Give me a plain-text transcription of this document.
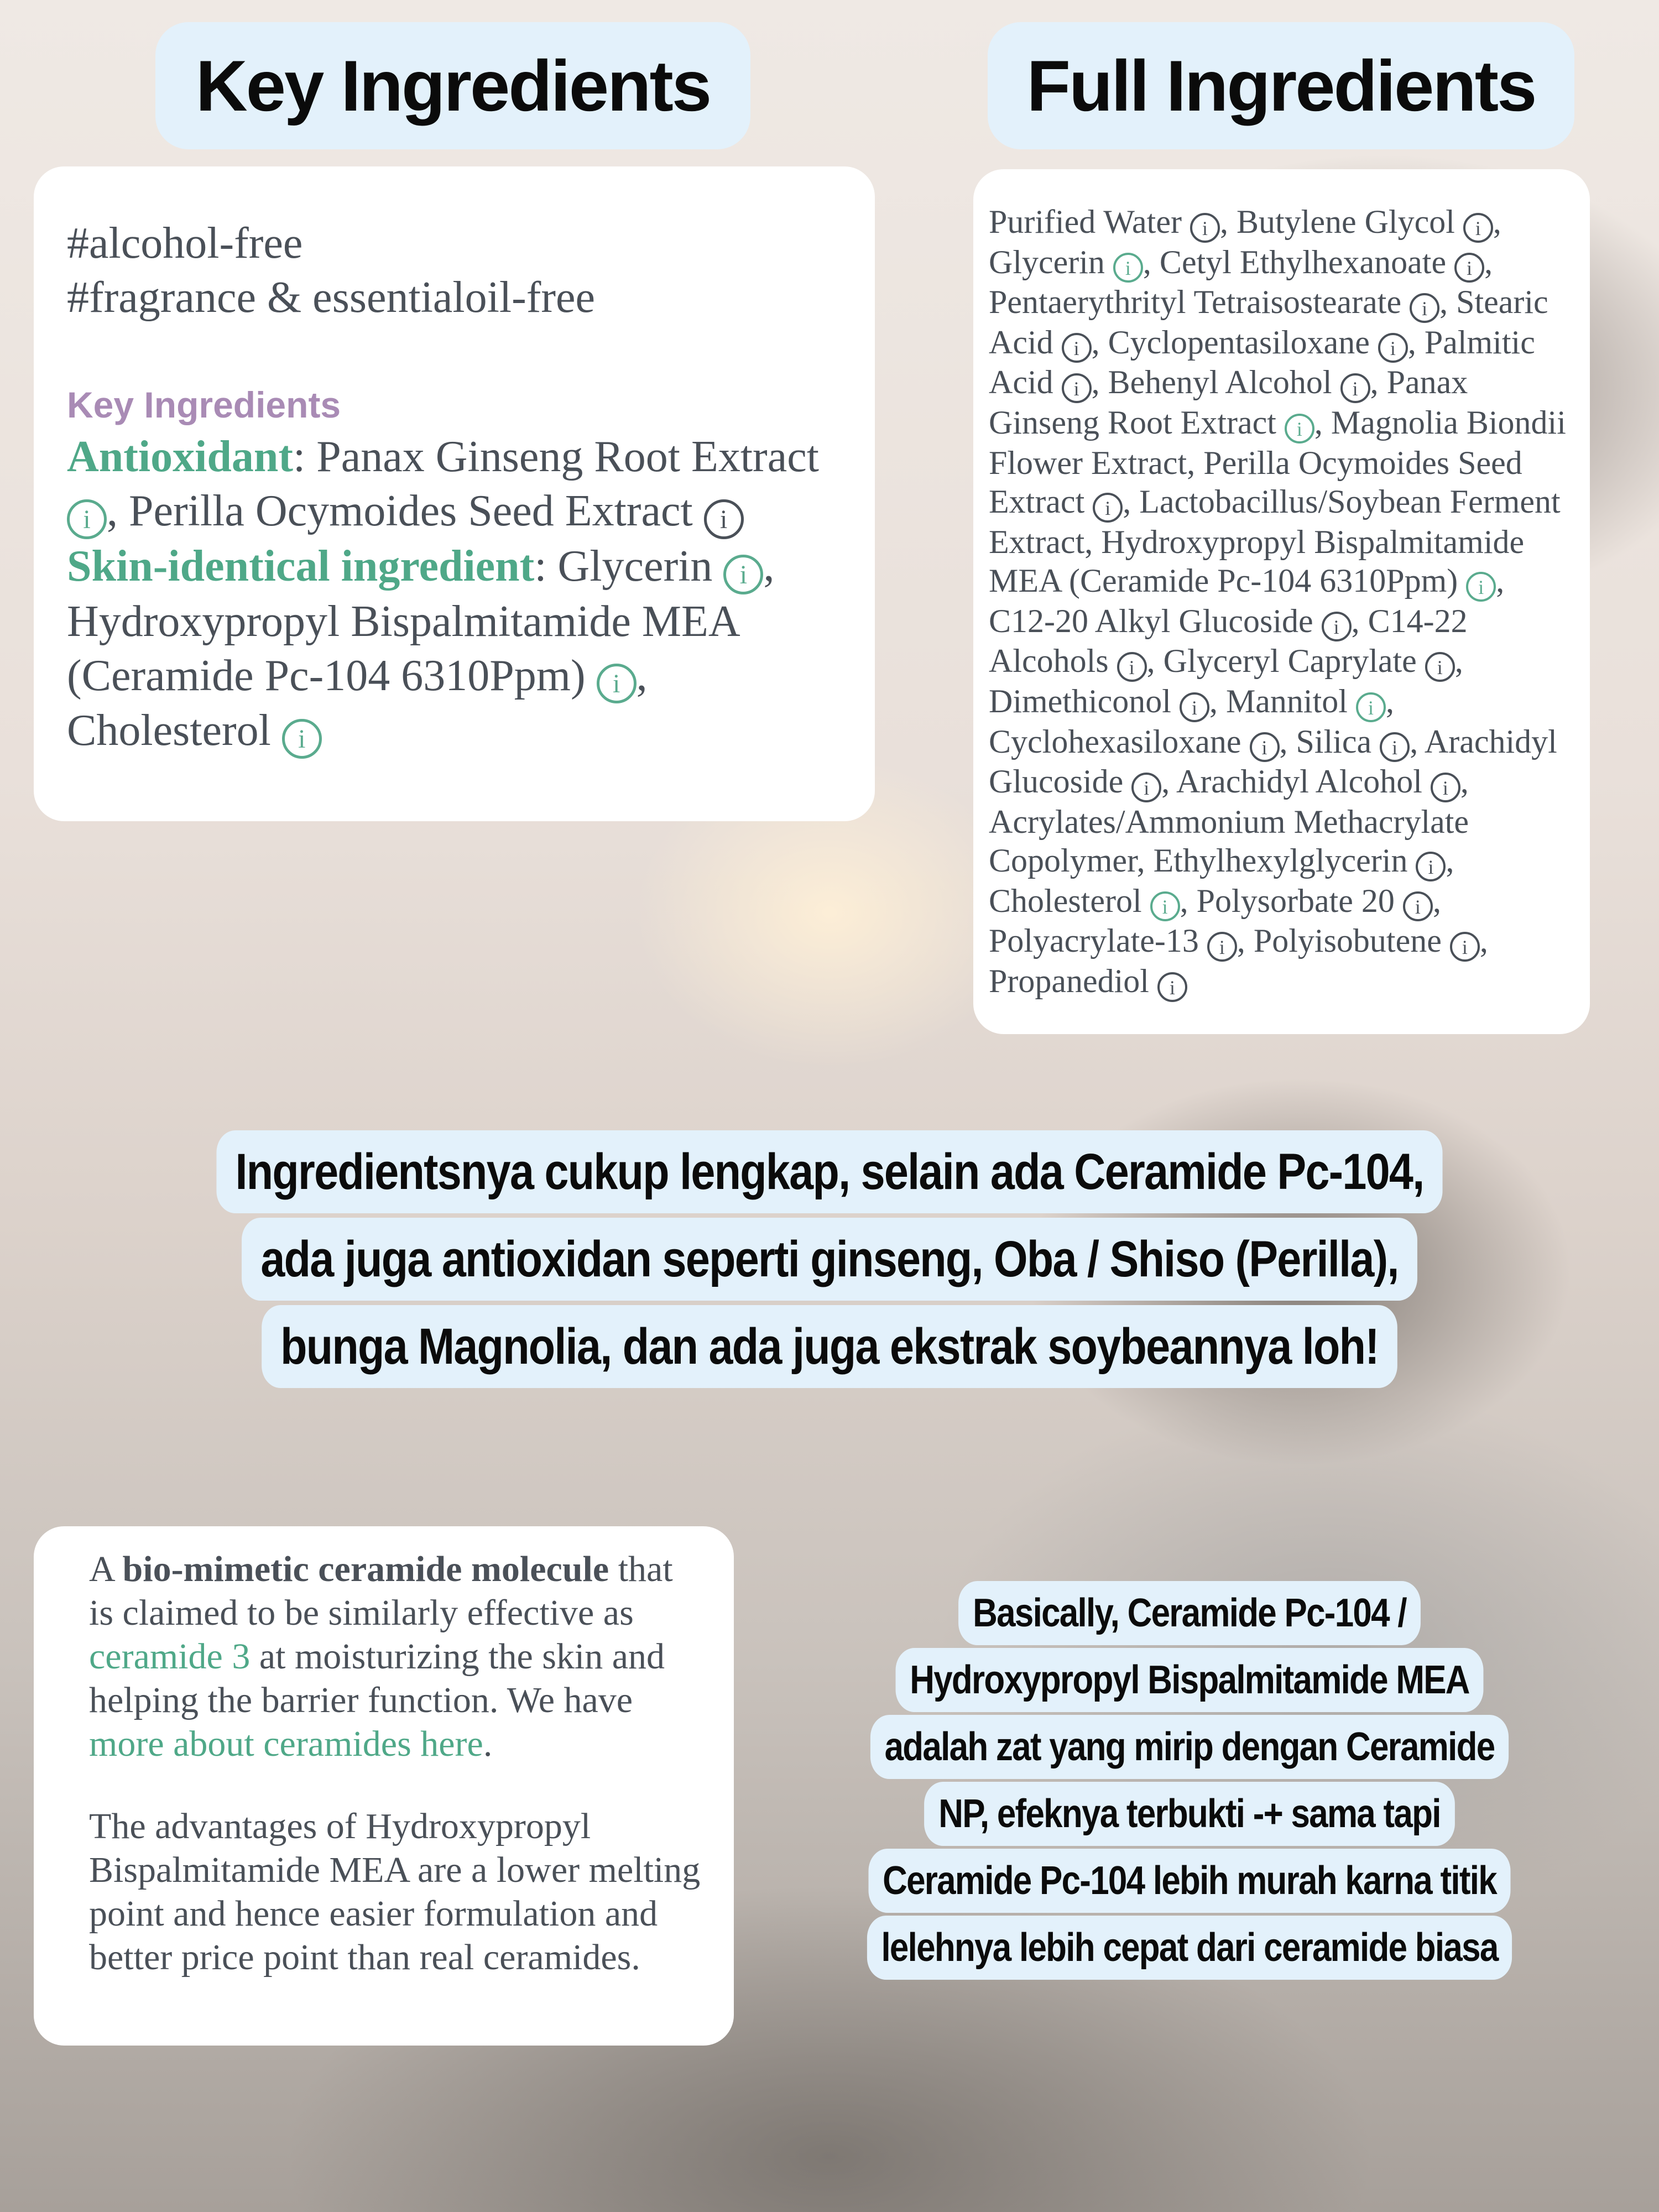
Key Ingredients
#alcohol-free
#fragrance & essentialoil-free
Key Ingredients
Antioxidant: Panax Ginseng Root Extract i , Perilla Ocymoides Seed Extract i
Skin-identical ingredient: Glycerin i , Hydroxypropyl Bispalmitamide MEA (Ceramide Pc-104 6310Ppm) i , Cholesterol i
Full Ingredients
Purified Water i , Butylene Glycol i , Glycerin i , Cetyl Ethylhexanoate i , Pentaerythrityl Tetraisostearate i , Stearic Acid i , Cyclopentasiloxane i , Palmitic Acid i , Behenyl Alcohol i , Panax Ginseng Root Extract i , Magnolia Biondii Flower Extract, Perilla Ocymoides Seed Extract i , Lactobacillus/Soybean Ferment Extract, Hydroxypropyl Bispalmitamide MEA (Ceramide Pc-104 6310Ppm) i , C12-20 Alkyl Glucoside i , C14-22 Alcohols i , Glyceryl Caprylate i , Dimethiconol i , Mannitol i , Cyclohexasiloxane i , Silica i , Arachidyl Glucoside i , Arachidyl Alcohol i , Acrylates/Ammonium Methacrylate Copolymer, Ethylhexylglycerin i , Cholesterol i , Polysorbate 20 i , Polyacrylate-13 i , Polyisobutene i , Propanediol i
Ingredientsnya cukup lengkap, selain ada Ceramide Pc-104,
ada juga antioxidan seperti ginseng, Oba / Shiso (Perilla),
bunga Magnolia, dan ada juga ekstrak soybeannya loh!

A bio-mimetic ceramide molecule that is claimed to be similarly effective as ceramide 3 at moisturizing the skin and helping the barrier function. We have more about ceramides here.

The advantages of Hydroxypropyl Bispalmitamide MEA are a lower melting point and hence easier formulation and better price point than real ceramides.

Basically, Ceramide Pc-104 /
Hydroxypropyl Bispalmitamide MEA
adalah zat yang mirip dengan Ceramide
NP, efeknya terbukti -+ sama tapi
Ceramide Pc-104 lebih murah karna titik
lelehnya lebih cepat dari ceramide biasa
